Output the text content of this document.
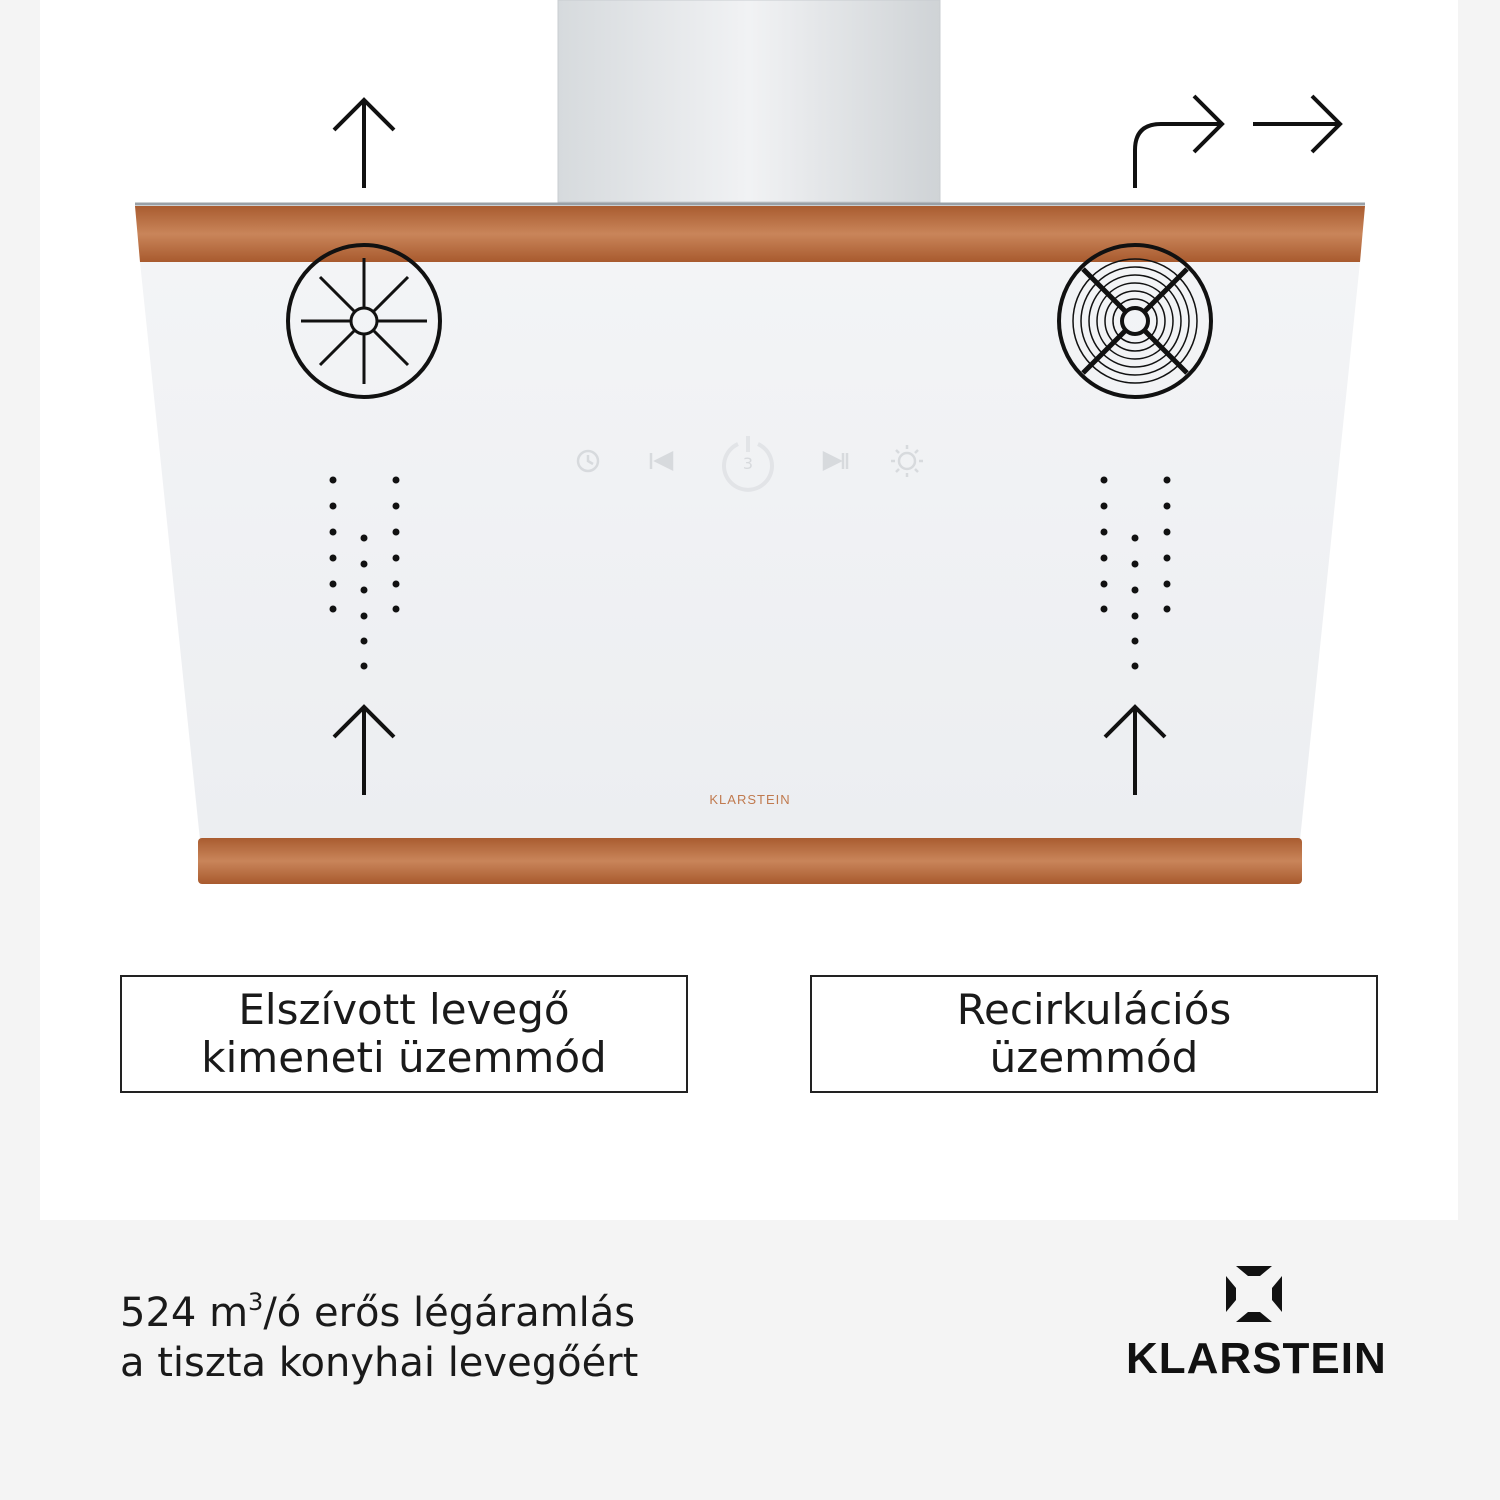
3
KLARSTEIN
Elszívott levegő
kimeneti üzemmód
Recirkulációs
üzemmód
524 $m^3/ó$ erős légáramlás
a tiszta konyhai levegőért	KLARSTEIN
